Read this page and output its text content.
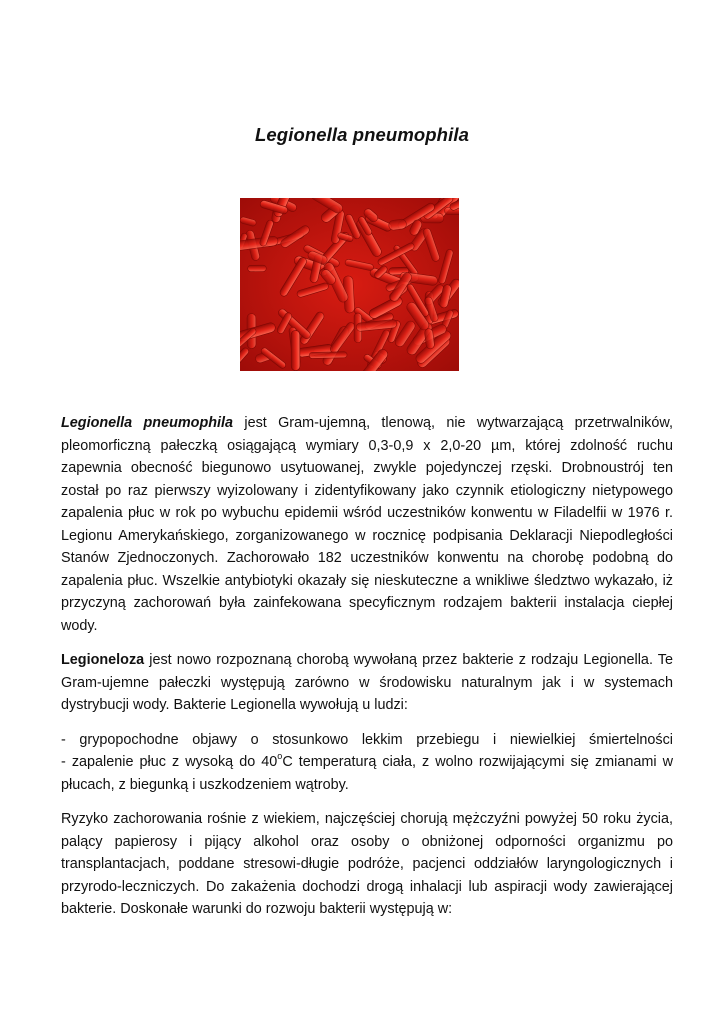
Legionella pneumophila

Legionella pneumophila jest Gram-ujemną, tlenową, nie wytwarzającą przetrwalników, pleomorficzną pałeczką osiągającą wymiary 0,3-0,9 x 2,0-20 µm, której zdolność ruchu zapewnia obecność biegunowo usytuowanej, zwykle pojedynczej rzęski. Drobnoustrój ten został po raz pierwszy wyizolowany i zidentyfikowany jako czynnik etiologiczny nietypowego zapalenia płuc w rok po wybuchu epidemii wśród uczestników konwentu w Filadelfii w 1976 r. Legionu Amerykańskiego, zorganizowanego w rocznicę podpisania Deklaracji Niepodległości Stanów Zjednoczonych. Zachorowało 182 uczestników konwentu na chorobę podobną do zapalenia płuc. Wszelkie antybiotyki okazały się nieskuteczne a wnikliwe śledztwo wykazało, iż przyczyną zachorowań była zainfekowana specyficznym rodzajem bakterii instalacja ciepłej wody.

Legioneloza jest nowo rozpoznaną chorobą wywołaną przez bakterie z rodzaju Legionella. Te Gram-ujemne pałeczki występują zarówno w środowisku naturalnym jak i w systemach dystrybucji wody. Bakterie Legionella wywołują u ludzi:

- grypopochodne objawy o stosunkowo lekkim przebiegu i niewielkiej śmiertelności
- zapalenie płuc z wysoką do 40$^o$C temperaturą ciała, z wolno rozwijającymi się zmianami w płucach, z biegunką i uszkodzeniem wątroby.

Ryzyko zachorowania rośnie z wiekiem, najczęściej chorują mężczyźni powyżej 50 roku życia, palący papierosy i pijący alkohol oraz osoby o obniżonej odporności organizmu po transplantacjach, poddane stresowi-długie podróże, pacjenci oddziałów laryngologicznych i przyrodo-leczniczych. Do zakażenia dochodzi drogą inhalacji lub aspiracji wody zawierającej bakterie. Doskonałe warunki do rozwoju bakterii występują w:
